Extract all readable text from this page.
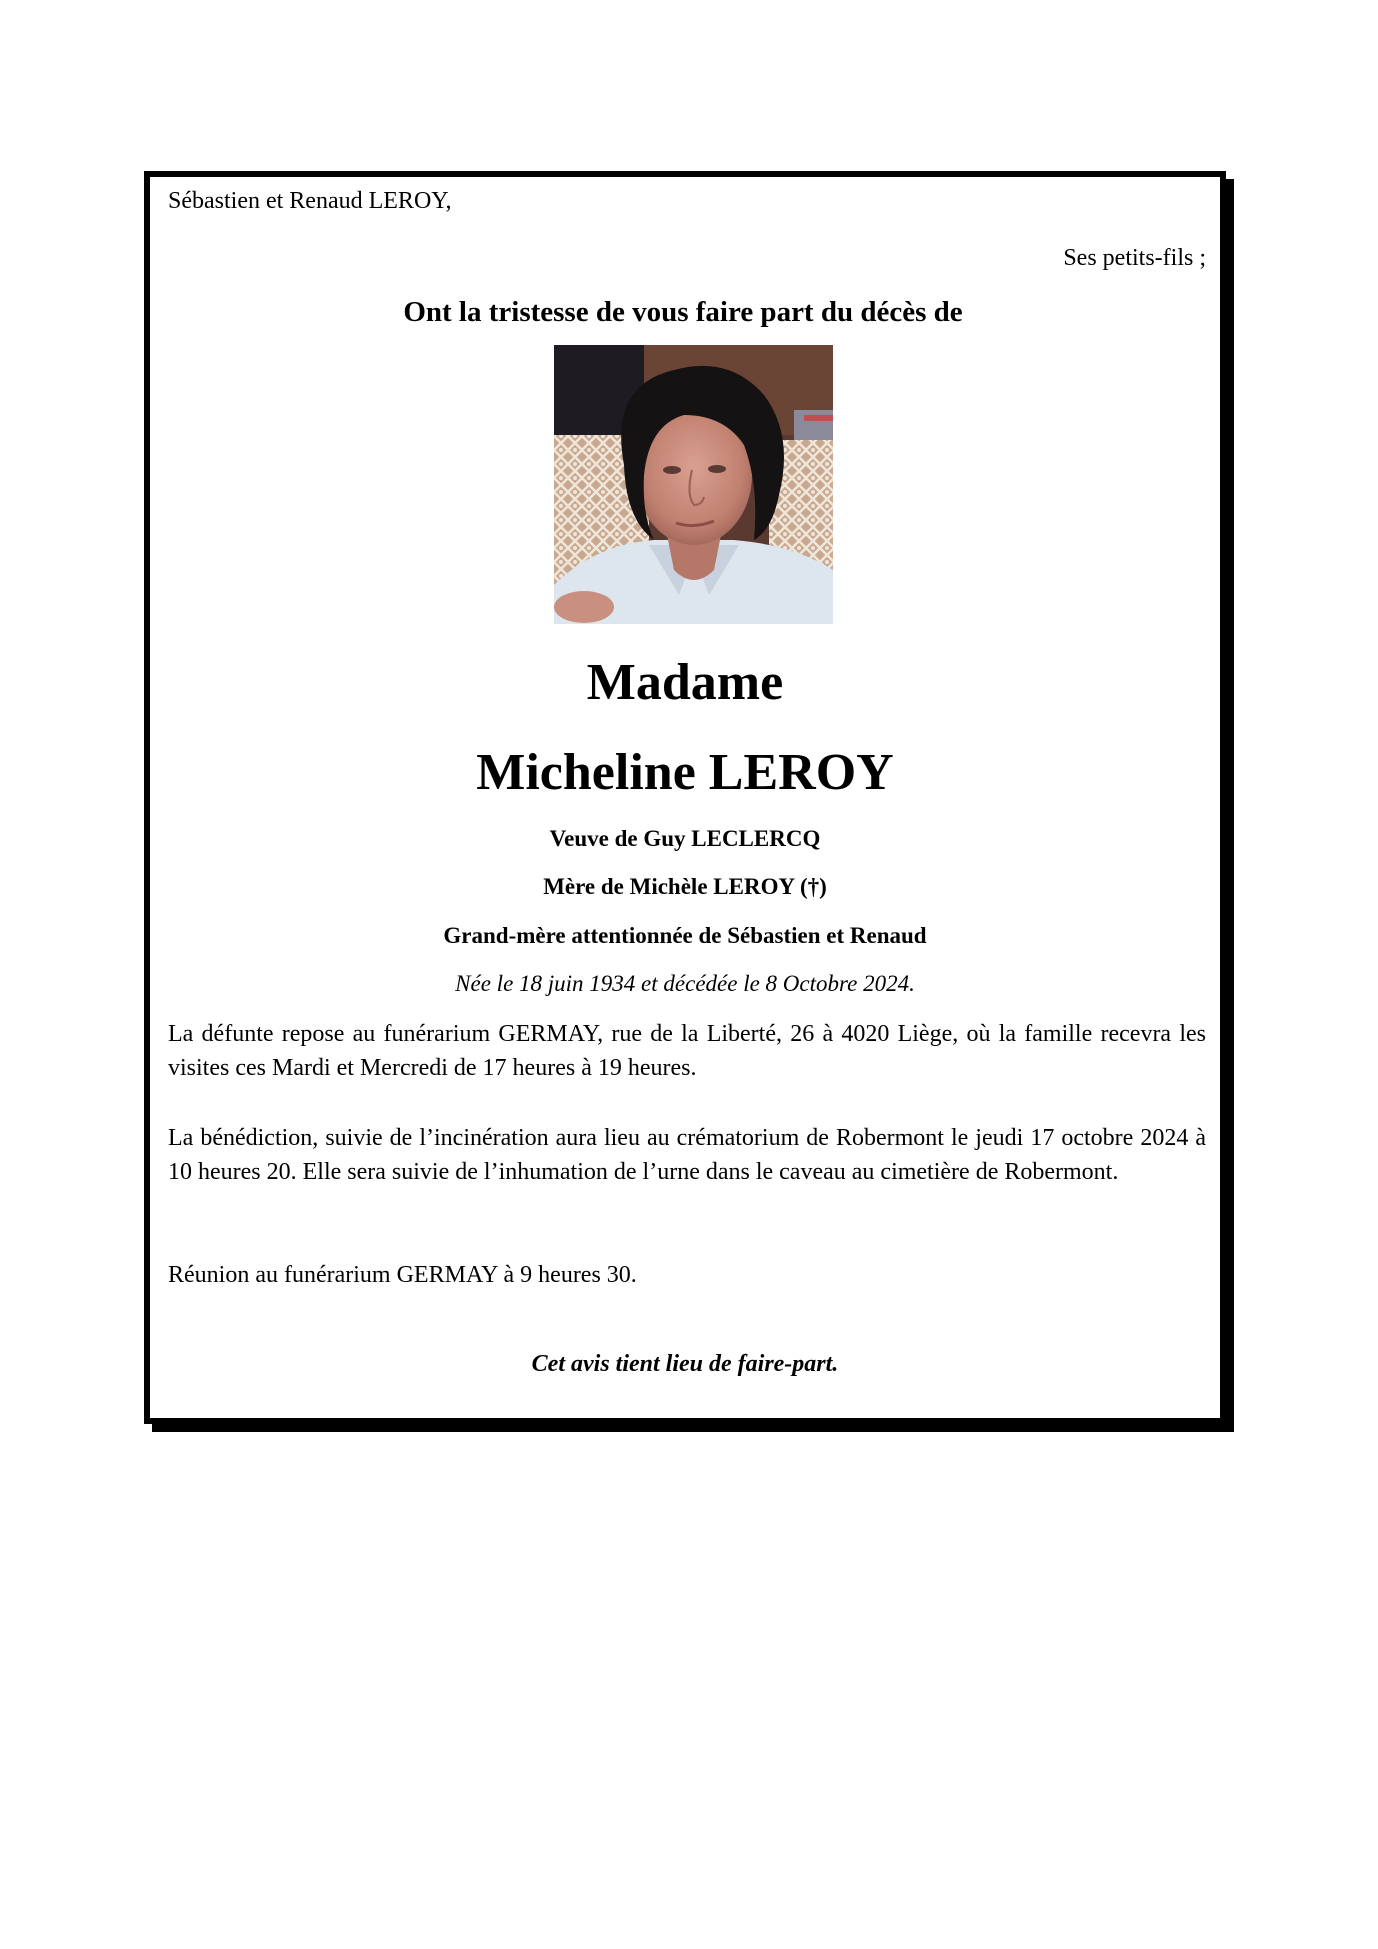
Sébastien et Renaud LEROY,
Ses petits-fils ;
Ont la tristesse de vous faire part du décès de
Madame
Micheline LEROY
Veuve de Guy LECLERCQ
Mère de Michèle LEROY (†)
Grand-mère attentionnée de Sébastien et Renaud
Née le 18 juin 1934 et décédée le 8 Octobre 2024.
La défunte repose au funérarium GERMAY, rue de la Liberté, 26 à 4020 Liège, où la famille recevra les visites ces Mardi et Mercredi de 17 heures à 19 heures.
La bénédiction, suivie de l’incinération aura lieu au crématorium de Robermont le jeudi 17 octobre 2024 à 10 heures 20. Elle sera suivie de l’inhumation de l’urne dans le caveau au cimetière de Robermont.
Réunion au funérarium GERMAY à 9 heures 30.
Cet avis tient lieu de faire-part.
